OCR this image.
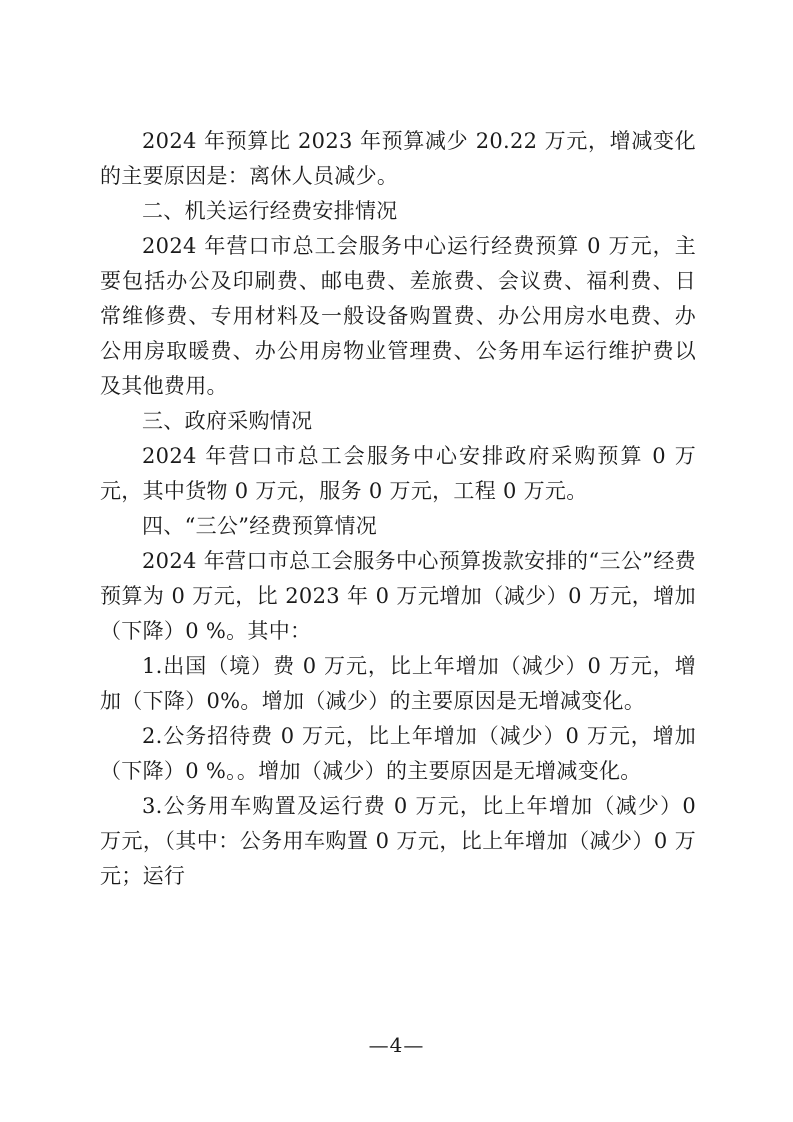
2024 年预算比 2023 年预算减少 20.22 万元，增减变化的主要原因是：离休人员减少。

二、机关运行经费安排情况

2024 年营口市总工会服务中心运行经费预算 0 万元，主要包括办公及印刷费、邮电费、差旅费、会议费、福利费、日常维修费、专用材料及一般设备购置费、办公用房水电费、办公用房取暖费、办公用房物业管理费、公务用车运行维护费以及其他费用。

三、政府采购情况

2024 年营口市总工会服务中心安排政府采购预算 0 万元，其中货物 0 万元，服务 0 万元，工程 0 万元。

四、“三公”经费预算情况

2024 年营口市总工会服务中心预算拨款安排的“三公”经费预算为 0 万元，比 2023 年 0 万元增加（减少）0 万元，增加（下降）0 %。其中：

1.出国（境）费 0 万元，比上年增加（减少）0 万元，增加（下降）0%。增加（减少）的主要原因是无增减变化。

2.公务招待费 0 万元，比上年增加（减少）0 万元，增加（下降）0 %。。增加（减少）的主要原因是无增减变化。

3.公务用车购置及运行费 0 万元，比上年增加（减少）0 万元，（其中：公务用车购置 0 万元，比上年增加（减少）0 万元；运行

—4—
